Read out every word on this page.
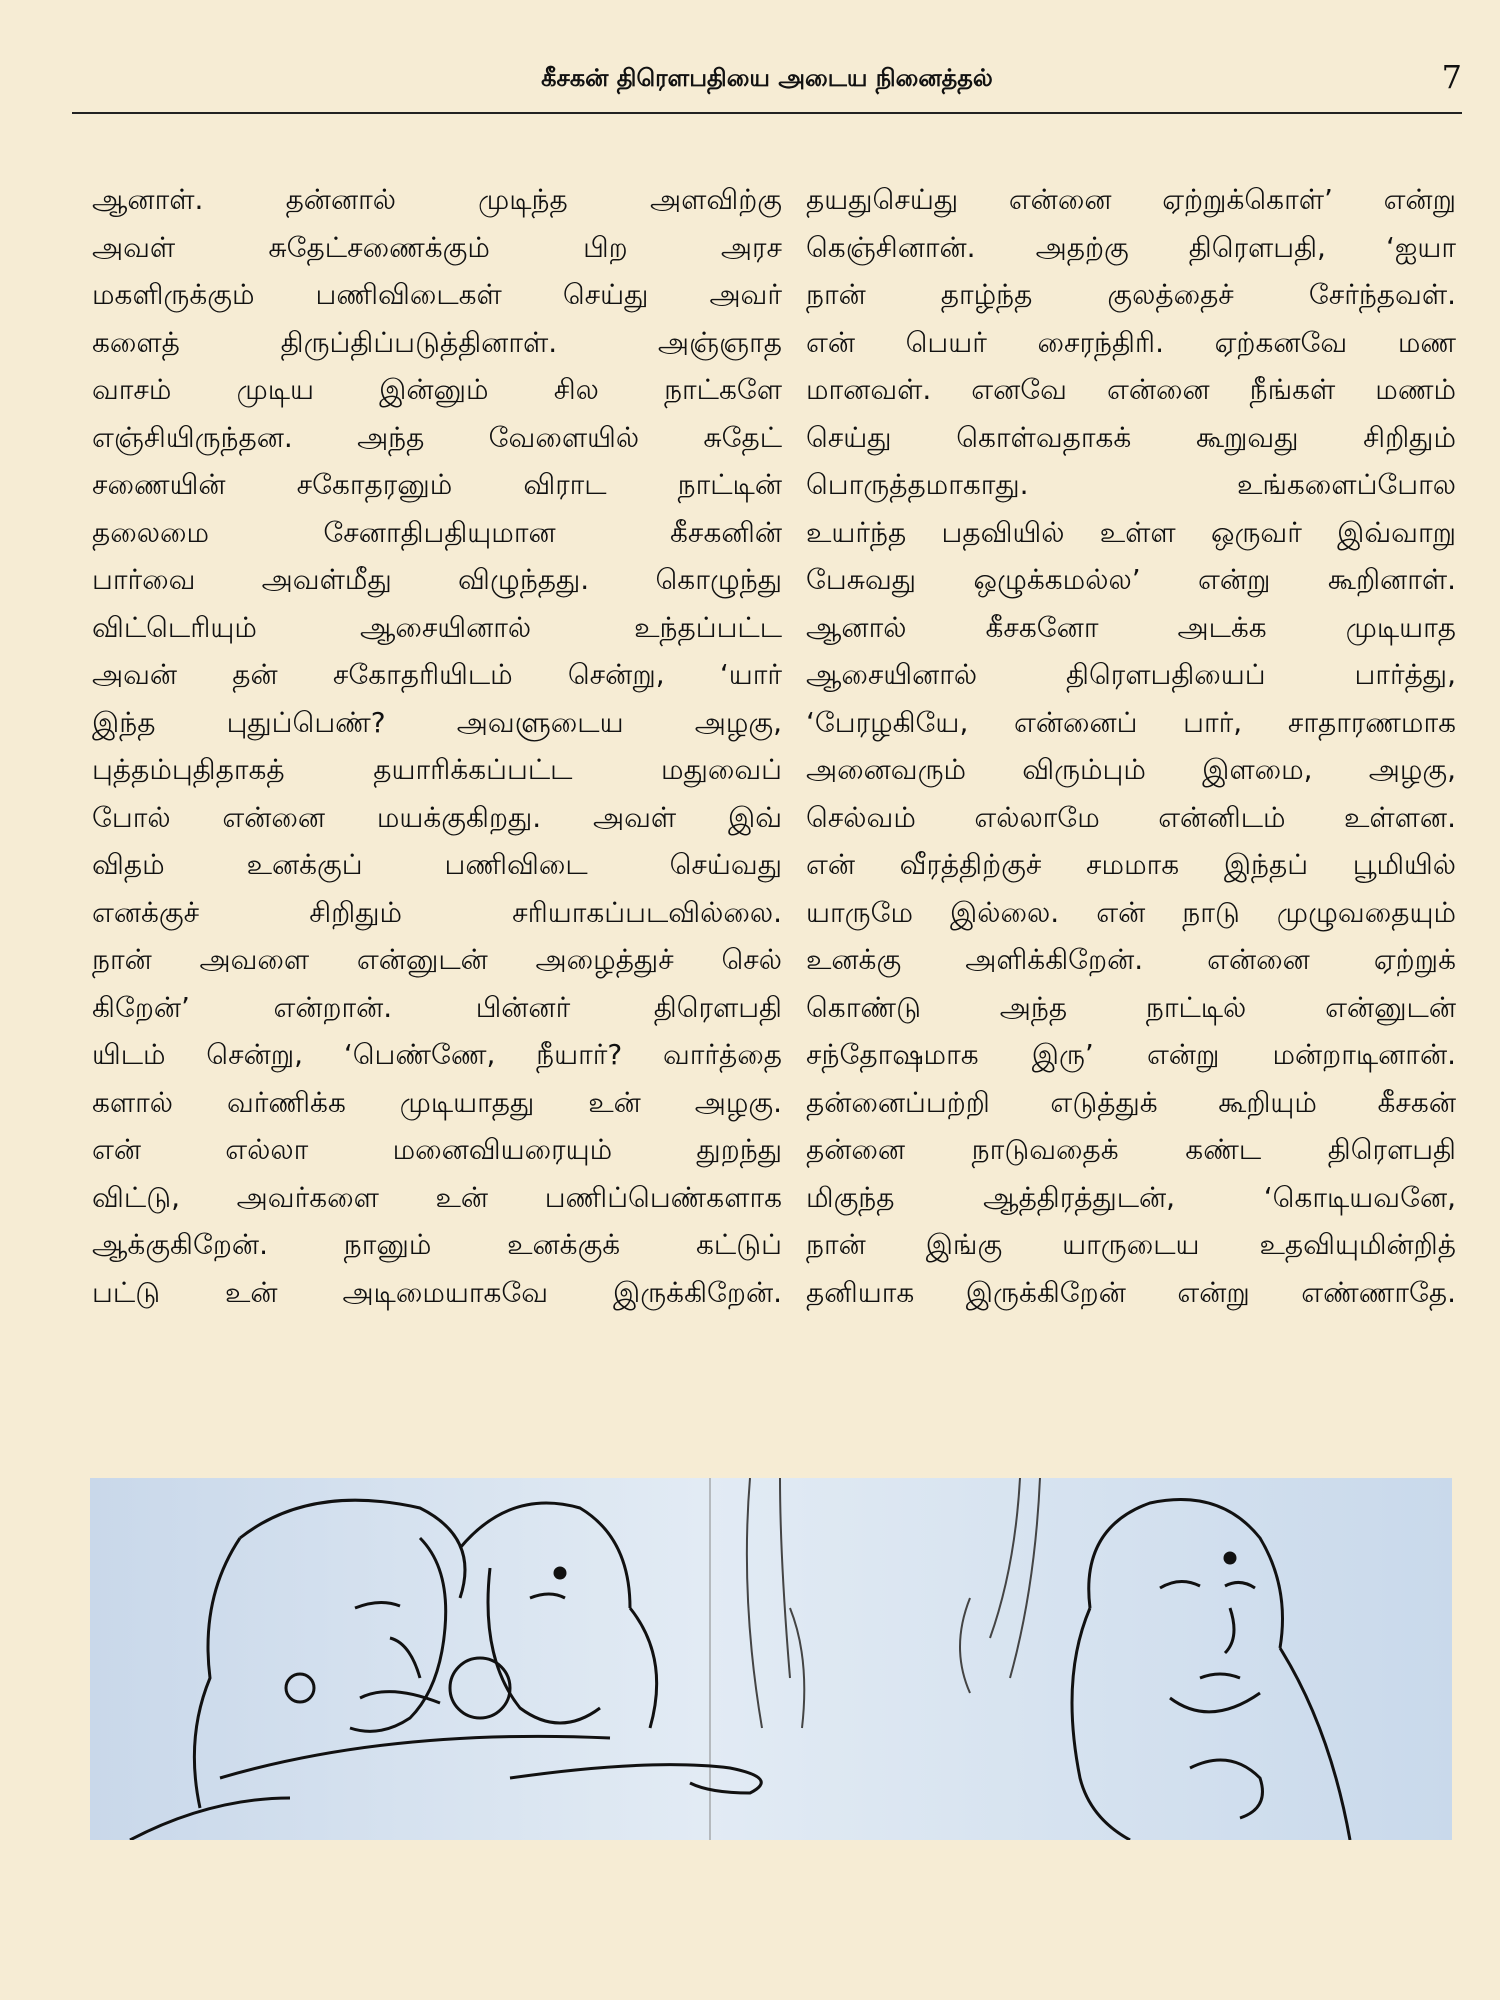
கீசகன் திரௌபதியை அடைய நினைத்தல்	7
ஆனாள். தன்னால் முடிந்த அளவிற்கு
அவள் சுதேட்சணைக்கும் பிற அரச
மகளிருக்கும் பணிவிடைகள் செய்து அவர்
களைத் திருப்திப்படுத்தினாள். அஞ்ஞாத
வாசம் முடிய இன்னும் சில நாட்களே
எஞ்சியிருந்தன. அந்த வேளையில் சுதேட்
சணையின் சகோதரனும் விராட நாட்டின்
தலைமை சேனாதிபதியுமான கீசகனின்
பார்வை அவள்மீது விழுந்தது. கொழுந்து
விட்டெரியும் ஆசையினால் உந்தப்பட்ட
அவன் தன் சகோதரியிடம் சென்று, ‘யார்
இந்த புதுப்பெண்? அவளுடைய அழகு,
புத்தம்புதிதாகத் தயாரிக்கப்பட்ட மதுவைப்
போல் என்னை மயக்குகிறது. அவள் இவ்
விதம் உனக்குப் பணிவிடை செய்வது
எனக்குச் சிறிதும் சரியாகப்படவில்லை.
நான் அவளை என்னுடன் அழைத்துச் செல்
கிறேன்’ என்றான். பின்னர் திரௌபதி
யிடம் சென்று, ‘பெண்ணே, நீயார்? வார்த்தை
களால் வர்ணிக்க முடியாதது உன் அழகு.
என் எல்லா மனைவியரையும் துறந்து
விட்டு, அவர்களை உன் பணிப்பெண்களாக
ஆக்குகிறேன். நானும் உனக்குக் கட்டுப்
பட்டு உன் அடிமையாகவே இருக்கிறேன்.
தயதுசெய்து என்னை ஏற்றுக்கொள்’ என்று
கெஞ்சினான். அதற்கு திரௌபதி, ‘ஐயா
நான் தாழ்ந்த குலத்தைச் சேர்ந்தவள்.
என் பெயர் சைரந்திரி. ஏற்கனவே மண
மானவள். எனவே என்னை நீங்கள் மணம்
செய்து கொள்வதாகக் கூறுவது சிறிதும்
பொருத்தமாகாது. உங்களைப்போல
உயர்ந்த பதவியில் உள்ள ஒருவர் இவ்வாறு
பேசுவது ஒழுக்கமல்ல’ என்று கூறினாள்.
ஆனால் கீசகனோ அடக்க முடியாத
ஆசையினால் திரௌபதியைப் பார்த்து,
‘பேரழகியே, என்னைப் பார், சாதாரணமாக
அனைவரும் விரும்பும் இளமை, அழகு,
செல்வம் எல்லாமே என்னிடம் உள்ளன.
என் வீரத்திற்குச் சமமாக இந்தப் பூமியில்
யாருமே இல்லை. என் நாடு முழுவதையும்
உனக்கு அளிக்கிறேன். என்னை ஏற்றுக்
கொண்டு அந்த நாட்டில் என்னுடன்
சந்தோஷமாக இரு’ என்று மன்றாடினான்.
தன்னைப்பற்றி எடுத்துக் கூறியும் கீசகன்
தன்னை நாடுவதைக் கண்ட திரௌபதி
மிகுந்த ஆத்திரத்துடன், ‘கொடியவனே,
நான் இங்கு யாருடைய உதவியுமின்றித்
தனியாக இருக்கிறேன் என்று எண்ணாதே.
